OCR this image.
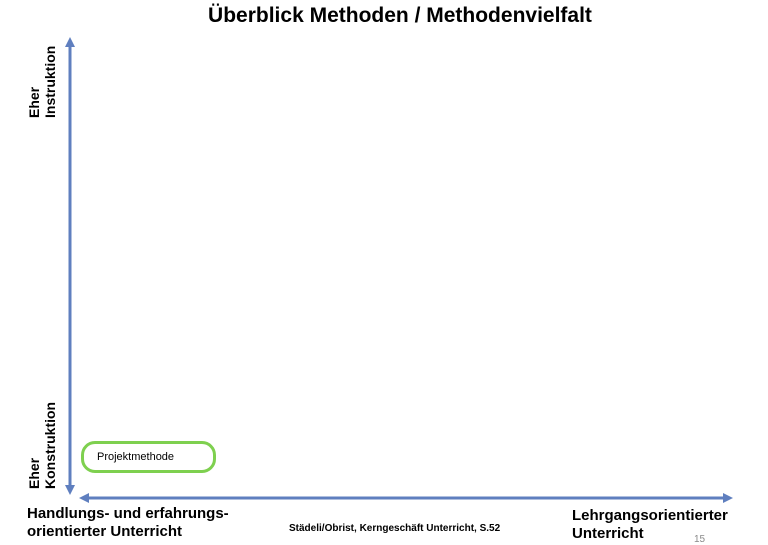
Überblick Methoden / Methodenvielfalt
Eher Instruktion
Eher Konstruktion	Projektmethode
Handlungs- und erfahrungs-
orientierter Unterricht	Städeli/Obrist, Kerngeschäft Unterricht, S.52
Lehrgangsorientierter
Unterricht	15
